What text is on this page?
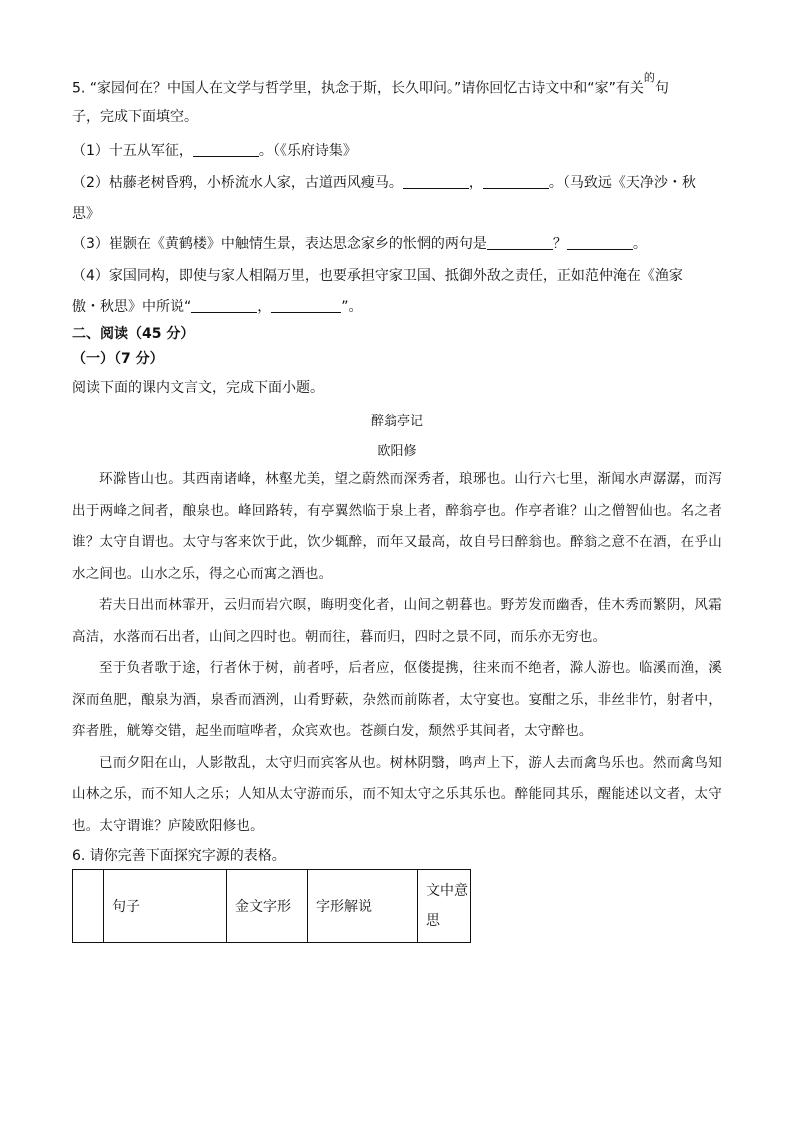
5. “家园何在？中国人在文学与哲学里，执念于斯，长久叩问。”请你回忆古诗文中和“家”有关$^的$句
子，完成下面填空。
（1）十五从军征，	。（《乐府诗集》
（2）枯藤老树昏鸦，小桥流水人家，古道西风瘦马。	，	。（马致远《天净沙・秋
思》
（3）崔颢在《黄鹤楼》中触情生景，表达思念家乡的怅惘的两句是	？	。
（4）家国同构，即使与家人相隔万里，也要承担守家卫国、抵御外敌之责任，正如范仲淹在《渔家
傲・秋思》中所说“	，	”。
二、阅读（45 分）
（一）（7 分）
阅读下面的课内文言文，完成下面小题。
醉翁亭记
欧阳修

环滁皆山也。其西南诸峰，林壑尤美，望之蔚然而深秀者，琅琊也。山行六七里，渐闻水声潺潺，而泻出于两峰之间者，酿泉也。峰回路转，有亭翼然临于泉上者，醉翁亭也。作亭者谁？山之僧智仙也。名之者谁？太守自谓也。太守与客来饮于此，饮少辄醉，而年又最高，故自号曰醉翁也。醉翁之意不在酒，在乎山水之间也。山水之乐，得之心而寓之酒也。

若夫日出而林霏开，云归而岩穴暝，晦明变化者，山间之朝暮也。野芳发而幽香，佳木秀而繁阴，风霜高洁，水落而石出者，山间之四时也。朝而往，暮而归，四时之景不同，而乐亦无穷也。

至于负者歌于途，行者休于树，前者呼，后者应，伛偻提携，往来而不绝者，滁人游也。临溪而渔，溪深而鱼肥，酿泉为酒，泉香而酒洌，山肴野蔌，杂然而前陈者，太守宴也。宴酣之乐，非丝非竹，射者中，弈者胜，觥筹交错，起坐而喧哗者，众宾欢也。苍颜白发，颓然乎其间者，太守醉也。

已而夕阳在山，人影散乱，太守归而宾客从也。树林阴翳，鸣声上下，游人去而禽鸟乐也。然而禽鸟知山林之乐，而不知人之乐；人知从太守游而乐，而不知太守之乐其乐也。醉能同其乐，醒能述以文者，太守也。太守谓谁？庐陵欧阳修也。

6. 请你完善下面探究字源的表格。
	句子	金文字形	字形解说	文中意思
